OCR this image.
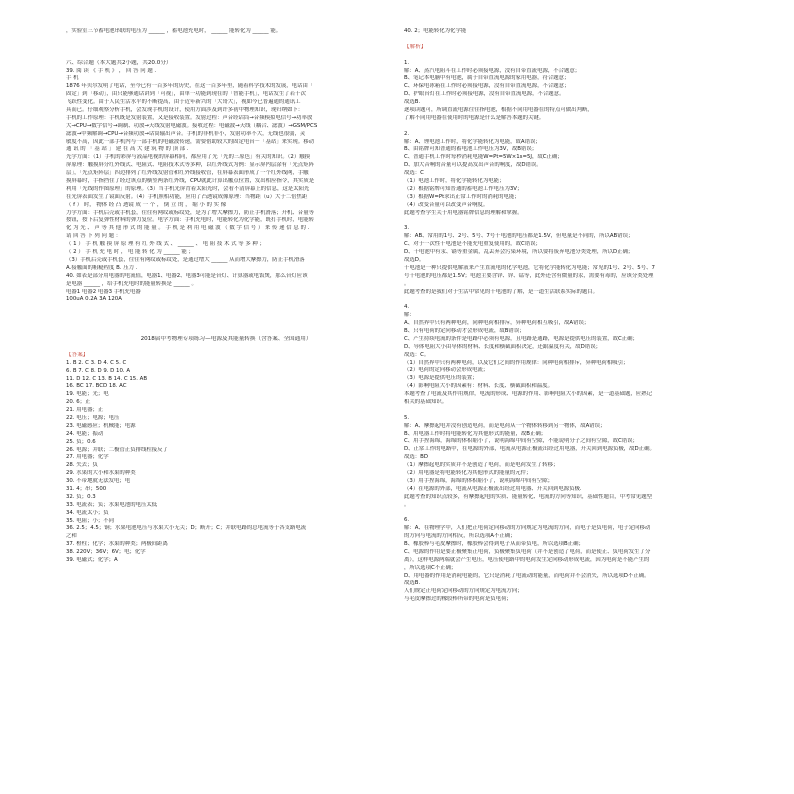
，实验室三节蓄电池串联的电压为 ______ ，蓄电池充电时， ______ 能转化为 ______ 能。
六、综合题（本大题共2小题，共20.0分）
39. 阅 读 《 手 机 》 ， 回 答 问 题 .
手 机
1876 年贝尔发明了电话，至今已有一百多年的历史，在这一百多年里，随着科学技术的发展，电话由「
固定」到「移动」，由只能够通话讲到「可视」，由单一功能到现在的「智能手机」，电话发生了若干次
飞跃性变化。由于人民生活水平的不断提高，由于近年新兴的「大哥大」，视如今已普遍通的通讯工
具而已。仔细观察分析手机，会发现手机的设计，使用方面涉及到许多初中物理知识，现归纳如下：
手机的工作原理：手机既是发射装置，又是接收装置。发射过程：声音经话筒→音频模拟电信号→功率放
大→CPU→数字信号→调制、功放→天线发射电磁波。接收过程：电磁波→天线（耦合、滤波）→GSM/PCS
滤波→中频解调→CPU→音频功放→话筒输出声音。手机的非机非小，发射功率不大，无线也很弱，灵
敏度不高，因此一部手机内与一部手机的电磁波传递，需要借助较大的固定电台－「基站」来实现。移动
通 讯 的 「 基 站 」 建 在 高 大 建 筑 物 的 顶 部 .
光学方面：（1）手机的彩屏与液晶电视的屏幕相同，都应用了光「光的三原色」有关的知识。（2）触摸
屏原理：触摸屏分红外线式、电阻式、电阻技术式等多种，以红外线式为例：显示屏内层涂有「光点矩阵
层」，「光点矩阵层」四边排列了红外线发射管和红外线接收管，在屏幕表面形成了一个红外线网，手触
摸屏幕时，手指挡住了经过该点的横竖两条红外线，CPU就此计算出触点位置，发出相应指令，其实质是
利用「光线的作图原理」的原理。（3）当手机光屏背着太阳光时，会看不清屏幕上的信息，这是太阳光
在光屏表面发生了镜面反射。（4）手机照相功能，应用了凸透镜成像原理：当物距（u）大于二倍焦距
（ f ） 时， 物体 经 凸 透镜 成 一 个 ， 倒 立 的 ， 缩 小 的 实 像
力学方面：手机后壳或手机套，往往有网纹或标纹处，是为了增大摩擦力，防止手机滑落；开机、音量等
按钮，按下后复弹性材料的弹力复位。电学方面：手机充电时，电能转化为化学能，既打手机时，电能转
化 为 光 、 声 等 其 他 形 式 的 能 量 。 手 机 是 利 用 电 磁 波 （ 数 字 信 号 ） 来 传 递 信 息 的 .
请 回 答 下 列 问 题 ：
（ 1 ） 手 机 触 摸 屏 原 理 有 红 外 线 式 、 ______ 、 电 阻 技 术 式 等 多 种 ；
（ 2 ） 手 机 充 电 时 ， 电 能 转 化 为 ______ 能 ；
（3）手机后壳或手机套，往往有网纹或标纹处，是通过增大 ______ 从而增大摩擦力，防止手机滑落
A.接触面的粗糙程度 B. 压力 .
40. 如表是部分用电器的电流值，电器1、电器2、电器3可能是台灯、计算器或电饭煲，那么台灯应该
是电器 ______ ，给手机充电时的能量转换是 ______ 。
电器1 电器2 电器3 手机充电器
100uA 0.2A 3A 120A
2018届中考物理专项练习—电源及其能量转换（含答案、全国通用）
【答案】
1. B 2. C 3. D 4. C 5. C
6. B 7. C 8. D 9. D 10. A
11. D 12. C 13. B 14. C 15. AB
16. BC 17. BCD 18. AC
19. 电能；光；电
20. 6；正
21. 用电器；正
22. 电压；电源；电压
23. 电磁感应；机械能；电源
24. 电能；振动
25. 负；0.6
26. 电源；并联；二极管正负排线柱接反了
27. 用电器；化学
28. 失去；负
29. 水果的大小和水果的种类
30. 不带地就无法发电；电
31. 4；串；500
32. 负；0.3
33. 电流表；负；水果电池的电压太低
34. 电流太小；负
35. 电阻；小；不同
36. 2.5；4.5；铜；水果电池电压与水果大小无关；D；断开；C；并联电路的总电流等于各支路电流
之和
37. 橙柱；化学；水果的种类；两极间距离
38. 220V；36V；6V；电；化学
39. 电磁式；化学；A
40. 2；电能转化为化学能
【解析】
1.
解：A、蒸汽电阻斗在工作时必须接电源，没有自带直流电源，不合题意；
B、笔记本电脑中有电池，属于自带直流电源的家用电器，符合题意；
C、环保电冰箱在工作时必须接电源，没有自带直流电源，不合题意；
D、护眼台灯在工作时必须接电源，没有自带直流电源，不合题意。
故选B.
逐项读题可，所调直流电源往往指电池，根据不同用电器在的特点可做出判断，
了解不同用电器在使用时的电源是什么是解答本题的关键。
2.
解：A、锂电池工作时，将化学能转化为电能，故A错误；
B、由铭牌可知普通的蓄电池工作电压为3V，故B错误；
C、普通手机工作时每秒消耗电能W=Pt=5W×1s=5J，故C正确；
D、加大音响的音量可以提高发出声音的响度，故D错误。
故选：C
（1）电池工作时，将化学能转化为电能；
（2）根据铭牌可知普通的蓄电池工作电压为3V；
（3）根据W=Pt求出正常工作时的消耗的电能；
（4）改变音量可以改变声音响度。
此题考查学生关于用电器铭牌信息的理解和掌握。
3.
解：AB、常用的1号、2号、5号、7号干电池的电压都是1.5V，但电量是不同的，所以AB错误；
C、对于一次性干电池是不能充电重复使用的，故C错误；
D、干电池中有汞、镉等重金属，乱丢弃会污染环境，所以要将废弃电池分类处理，所以D正确；
故选D。
干电池是一种只提供电解液来产生直流电的化学电池，它将化学能转化为电能；常见的1号、2号、5号、7
号干电池的电压都是1.5V；电池主要含锌、锌、锰等，此外还含有微量的汞，需要有毒的，应该分类处理
。
此题考查的是我们对于生活中常见的干电池的了解，是一道生活联系实际的题目。
4.
解：
A、自然界中只有两种电荷，同种电荷相排斥，异种电荷相互吸引，故A错误；
B、只有电荷的定向移动才会形成电流，故B错误；
C、产生持续电流的条件是电路中必须有电源，且电路是通路，电源是提供电压的装置，故C正确；
D、导体电阻大小由导体的材料、长度和横截面积决定，还跟温度有关，故D错误；
故选：C。
（1）自然界中只有两种电荷，以及它们之间的作用规律：同种电荷相排斥，异种电荷相吸引；
（2）电荷的定向移动会形成电流；
（3）电源是提供电压的装置；
（4）影响电阻大小的因素有：材料、长度、横截面积和温度。
本题考查了电流及其作用规律，电流的形成、电源的作用、影响电阻大小的因素，是一道基础题，应熟记
相关的基础知识。
5.
解：A、摩擦起电并没有创造电荷，而是电荷从一个物体转移到另一物体，故A错误；
B、用电器工作时将电能转化为其他形式的能量，故B正确；
C、用手捏海绵，海绵的体积缩小了，说明海绵中间有空隙，不能说明分子之间有空隙，故C错误；
D、正常工作的电路中，在电源的外部，电流从电源正极流出经过用电器，开关回到电源负极，故D正确。
故选：BD
（1）摩擦起电的实质并不是创造了电荷，而是电荷发生了转移；
（2）用电器是将电能转化为其他形式的能量的元件；
（3）用手捏海绵，海绵的体积缩小了，说明海绵中间有空隙；
（4）在电源的外部，电流从电源正极流出经过用电器、开关回到电源负极.
此题考查的知识点较多，有摩擦起电的实质、能量转化、电流的方向等知识，基础性题目，中考常见题型
。
6.
解：A、在物理学中，人们把正电荷定向移动的方向规定为电流的方向，而电子是负电荷，电子定向移动
的方向与电流的方向相反，所以选项A不正确；
B、橡胶棒与毛皮摩擦时，橡胶棒会得到电子从而带负电，所以选项B正确；
C、电源的作用是要正极聚集正电荷，负极聚集负电荷（并不是创造了电荷，而是使正、负电荷发生了分
离），这样电源两端就会产生电压，电压使电路中的电荷发生定向移动形成电流，因为电荷是不能产生的
，所以选项C不正确；
D、用电器的作用是消耗电能的，它只是消耗了电流动的能量，而电荷并不会消失，所以选项D不正确。
故选B.
人们规定正电荷定向移动的方向规定为电流方向；
与毛皮摩擦过的橡胶棒所带的电荷是负电荷；
